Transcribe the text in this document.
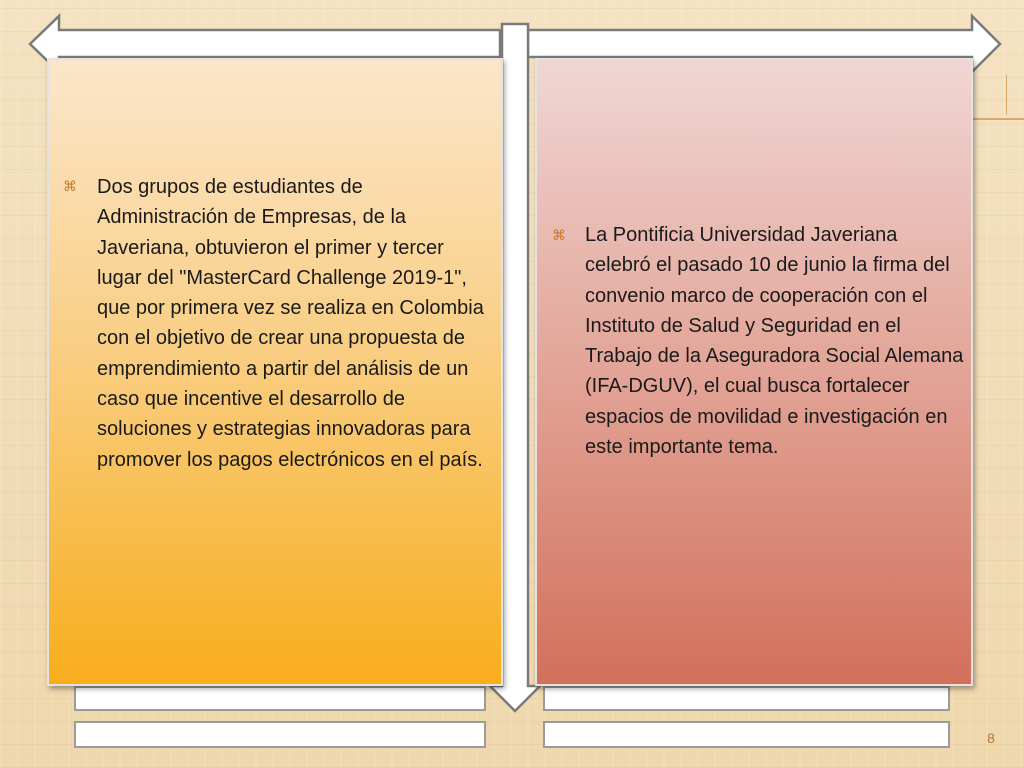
⌘ Dos grupos de estudiantes de Administración de Empresas, de la Javeriana, obtuvieron el primer y tercer lugar del "MasterCard Challenge 2019-1", que por primera vez se realiza en Colombia con el objetivo de crear una propuesta de emprendimiento a partir del análisis de un caso que incentive el desarrollo de soluciones y estrategias innovadoras para promover los pagos electrónicos en el país.

⌘ La Pontificia Universidad Javeriana celebró el pasado 10 de junio la firma del convenio marco de cooperación con el Instituto de Salud y Seguridad en el Trabajo de la Aseguradora Social Alemana (IFA-DGUV), el cual busca fortalecer espacios de movilidad e investigación en este importante tema.

8
